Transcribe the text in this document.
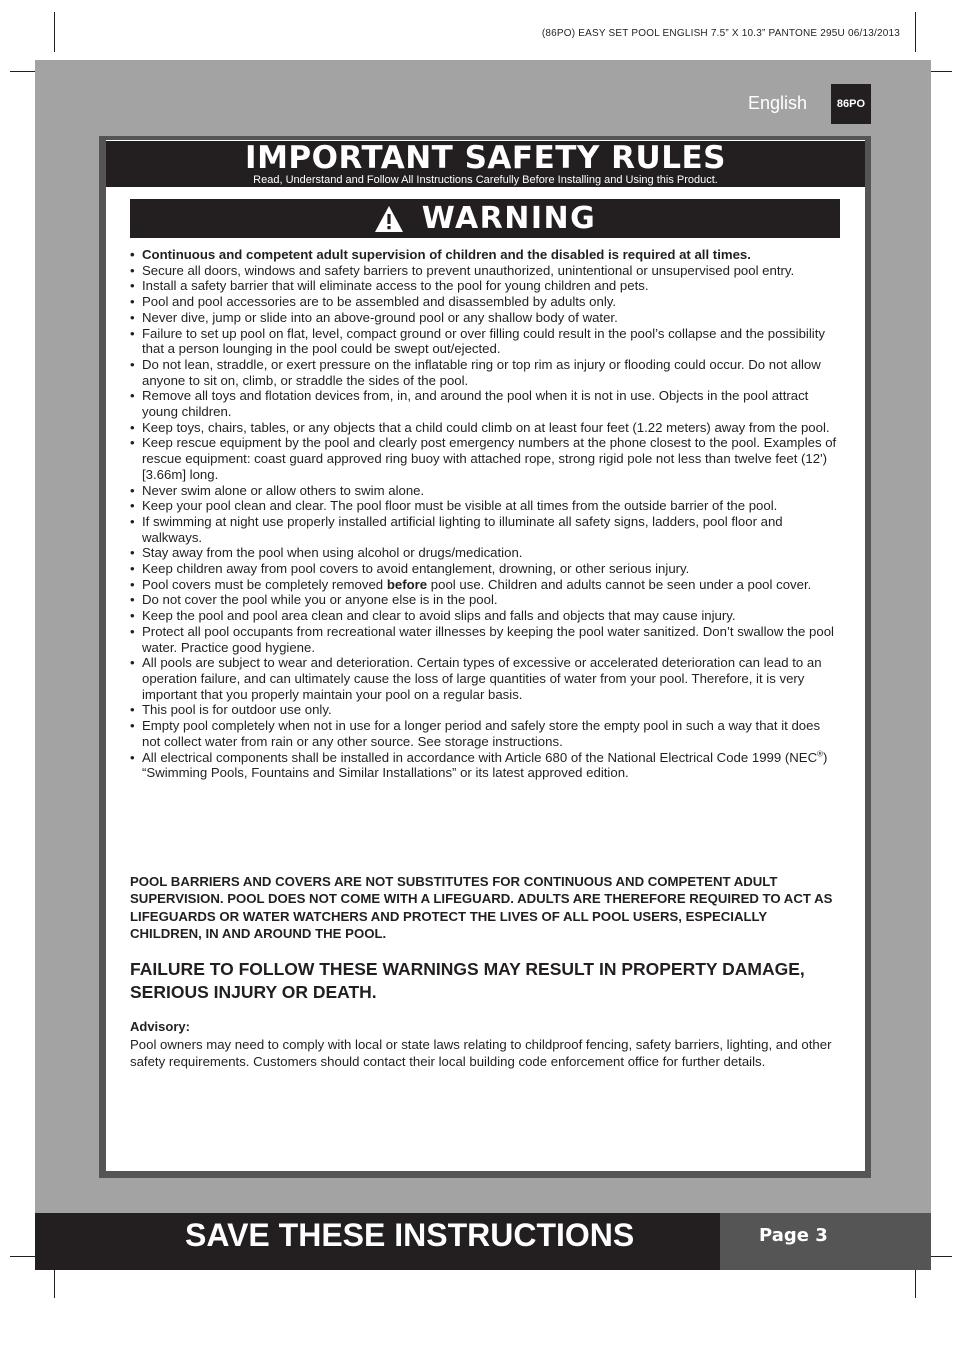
(86PO) EASY SET POOL ENGLISH 7.5” X 10.3” PANTONE 295U 06/13/2013
English	86PO
IMPORTANT SAFETY RULES
Read, Understand and Follow All Instructions Carefully Before Installing and Using this Product.
WARNING
• Continuous and competent adult supervision of children and the disabled is required at all times.
• Secure all doors, windows and safety barriers to prevent unauthorized, unintentional or unsupervised pool entry.
• Install a safety barrier that will eliminate access to the pool for young children and pets.
• Pool and pool accessories are to be assembled and disassembled by adults only.
• Never dive, jump or slide into an above-ground pool or any shallow body of water.
• Failure to set up pool on flat, level, compact ground or over filling could result in the pool’s collapse and the possibility that a person lounging in the pool could be swept out/ejected.
• Do not lean, straddle, or exert pressure on the inflatable ring or top rim as injury or flooding could occur. Do not allow anyone to sit on, climb, or straddle the sides of the pool.
• Remove all toys and flotation devices from, in, and around the pool when it is not in use. Objects in the pool attract young children.
• Keep toys, chairs, tables, or any objects that a child could climb on at least four feet (1.22 meters) away from the pool.
• Keep rescue equipment by the pool and clearly post emergency numbers at the phone closest to the pool. Examples of rescue equipment: coast guard approved ring buoy with attached rope, strong rigid pole not less than twelve feet (12') [3.66m] long.
• Never swim alone or allow others to swim alone.
• Keep your pool clean and clear. The pool floor must be visible at all times from the outside barrier of the pool.
• If swimming at night use properly installed artificial lighting to illuminate all safety signs, ladders, pool floor and walkways.
• Stay away from the pool when using alcohol or drugs/medication.
• Keep children away from pool covers to avoid entanglement, drowning, or other serious injury.
• Pool covers must be completely removed before pool use. Children and adults cannot be seen under a pool cover.
• Do not cover the pool while you or anyone else is in the pool.
• Keep the pool and pool area clean and clear to avoid slips and falls and objects that may cause injury.
• Protect all pool occupants from recreational water illnesses by keeping the pool water sanitized. Don’t swallow the pool water. Practice good hygiene.
• All pools are subject to wear and deterioration. Certain types of excessive or accelerated deterioration can lead to an operation failure, and can ultimately cause the loss of large quantities of water from your pool. Therefore, it is very important that you properly maintain your pool on a regular basis.
• This pool is for outdoor use only.
• Empty pool completely when not in use for a longer period and safely store the empty pool in such a way that it does not collect water from rain or any other source. See storage instructions.
• All electrical components shall be installed in accordance with Article 680 of the National Electrical Code 1999 (NEC®) “Swimming Pools, Fountains and Similar Installations” or its latest approved edition.
POOL BARRIERS AND COVERS ARE NOT SUBSTITUTES FOR CONTINUOUS AND COMPETENT ADULT SUPERVISION. POOL DOES NOT COME WITH A LIFEGUARD. ADULTS ARE THEREFORE REQUIRED TO ACT AS LIFEGUARDS OR WATER WATCHERS AND PROTECT THE LIVES OF ALL POOL USERS, ESPECIALLY CHILDREN, IN AND AROUND THE POOL.
FAILURE TO FOLLOW THESE WARNINGS MAY RESULT IN PROPERTY DAMAGE, SERIOUS INJURY OR DEATH.
Advisory:
Pool owners may need to comply with local or state laws relating to childproof fencing, safety barriers, lighting, and other safety requirements. Customers should contact their local building code enforcement office for further details.
SAVE THESE INSTRUCTIONS	Page 3
